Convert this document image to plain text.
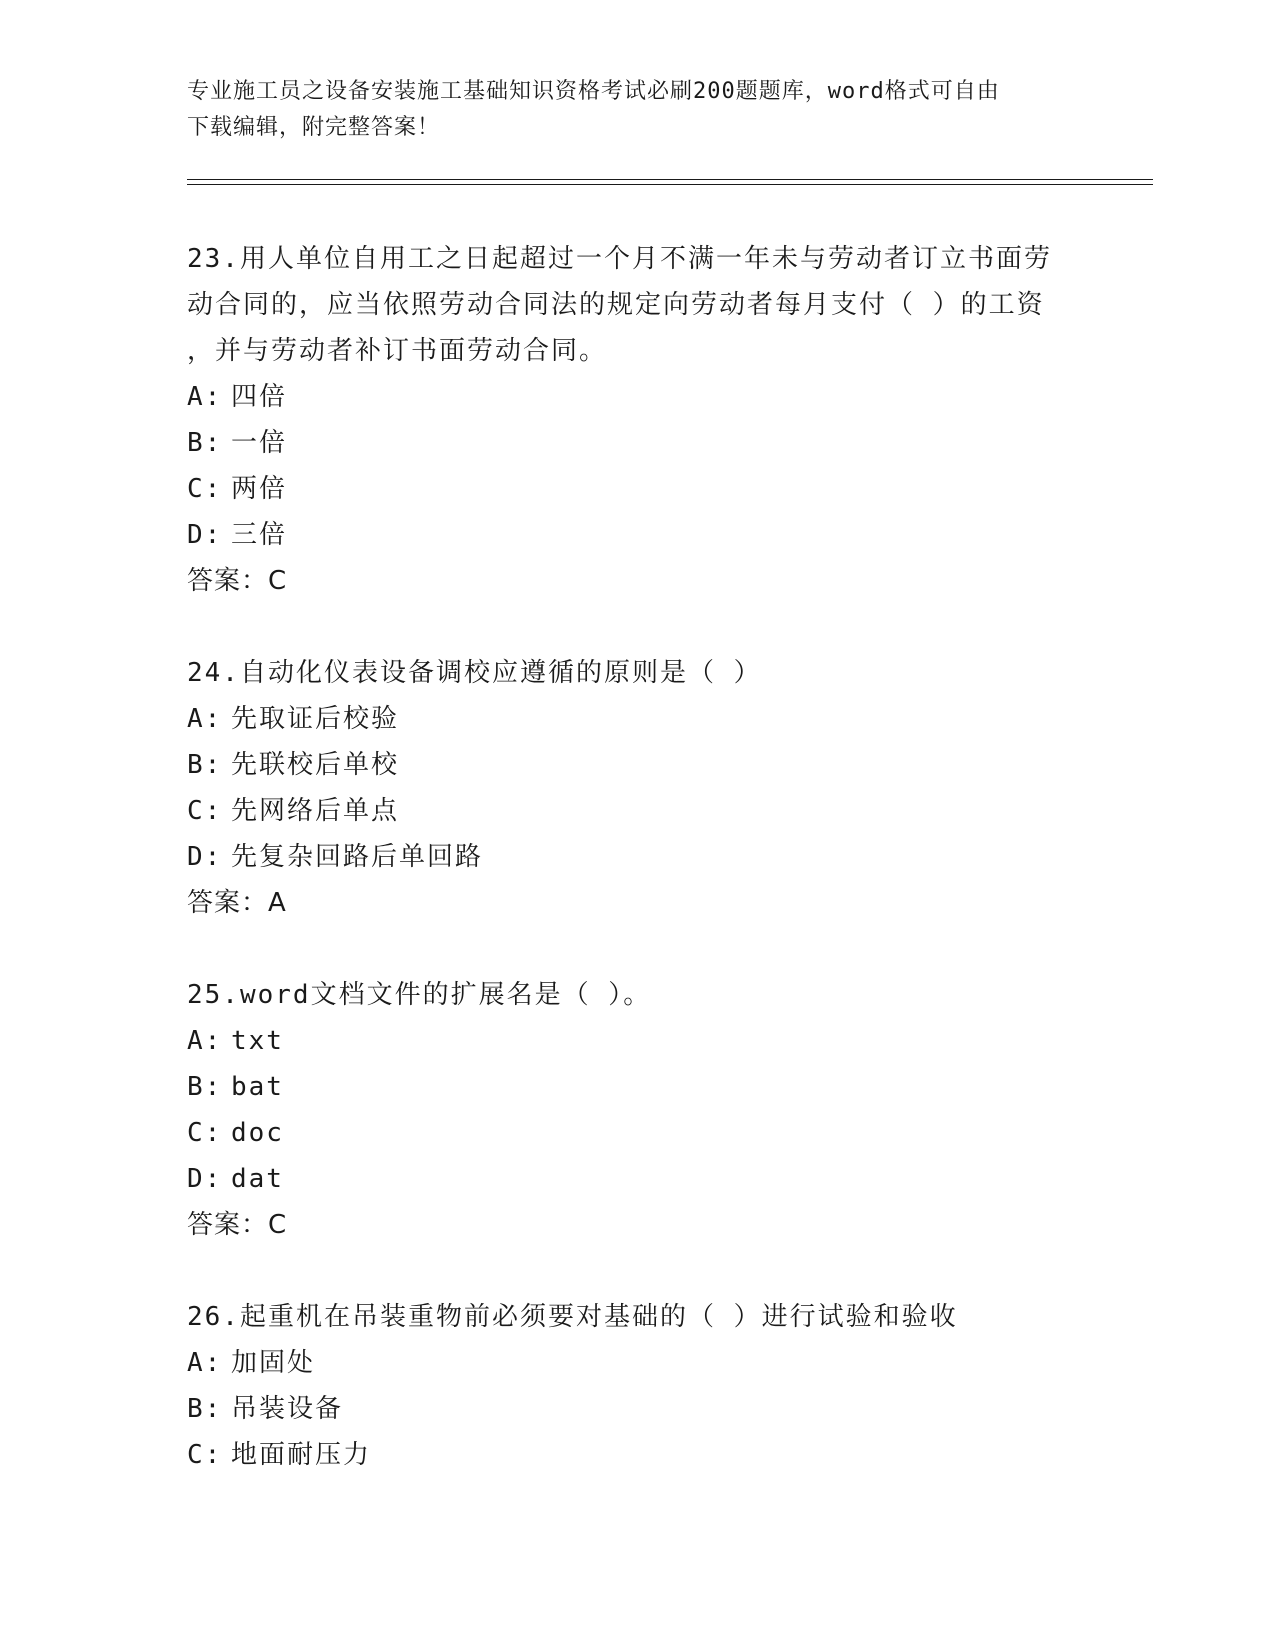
专业施工员之设备安装施工基础知识资格考试必刷200题题库，word格式可自由
下载编辑，附完整答案！

23.用人单位自用工之日起超过一个月不满一年未与劳动者订立书面劳

动合同的，应当依照劳动合同法的规定向劳动者每月支付（ ）的工资

，并与劳动者补订书面劳动合同。

A: 四倍

B: 一倍

C: 两倍

D: 三倍

答案：C

24.自动化仪表设备调校应遵循的原则是（ ）

A: 先取证后校验

B: 先联校后单校

C: 先网络后单点

D: 先复杂回路后单回路

答案：A

25.word文档文件的扩展名是（ ）。

A: txt

B: bat

C: doc

D: dat

答案：C

26.起重机在吊装重物前必须要对基础的（ ）进行试验和验收

A: 加固处

B: 吊装设备

C: 地面耐压力
